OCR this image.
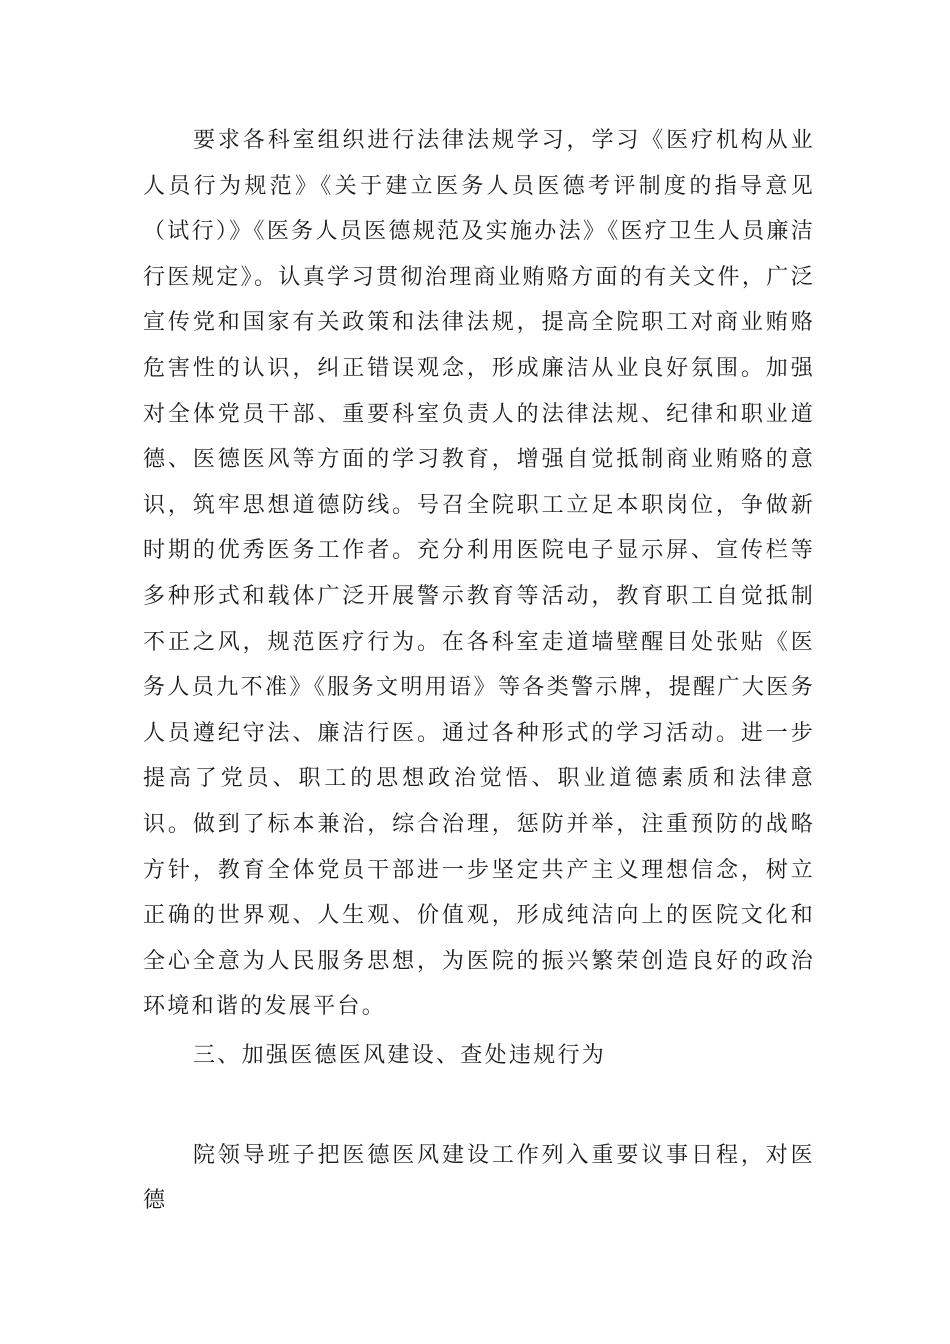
要求各科室组织进行法律法规学习，学习《医疗机构从业人员行为规范》《关于建立医务人员医德考评制度的指导意见（试行）》《医务人员医德规范及实施办法》《医疗卫生人员廉洁行医规定》。认真学习贯彻治理商业贿赂方面的有关文件，广泛宣传党和国家有关政策和法律法规，提高全院职工对商业贿赂危害性的认识，纠正错误观念，形成廉洁从业良好氛围。加强对全体党员干部、重要科室负责人的法律法规、纪律和职业道德、医德医风等方面的学习教育，增强自觉抵制商业贿赂的意识，筑牢思想道德防线。号召全院职工立足本职岗位，争做新时期的优秀医务工作者。充分利用医院电子显示屏、宣传栏等多种形式和载体广泛开展警示教育等活动，教育职工自觉抵制不正之风，规范医疗行为。在各科室走道墙壁醒目处张贴《医务人员九不准》《服务文明用语》等各类警示牌，提醒广大医务人员遵纪守法、廉洁行医。通过各种形式的学习活动。进一步提高了党员、职工的思想政治觉悟、职业道德素质和法律意识。做到了标本兼治，综合治理，惩防并举，注重预防的战略方针，教育全体党员干部进一步坚定共产主义理想信念，树立正确的世界观、人生观、价值观，形成纯洁向上的医院文化和全心全意为人民服务思想，为医院的振兴繁荣创造良好的政治环境和谐的发展平台。

三、加强医德医风建设、查处违规行为

院领导班子把医德医风建设工作列入重要议事日程，对医德
